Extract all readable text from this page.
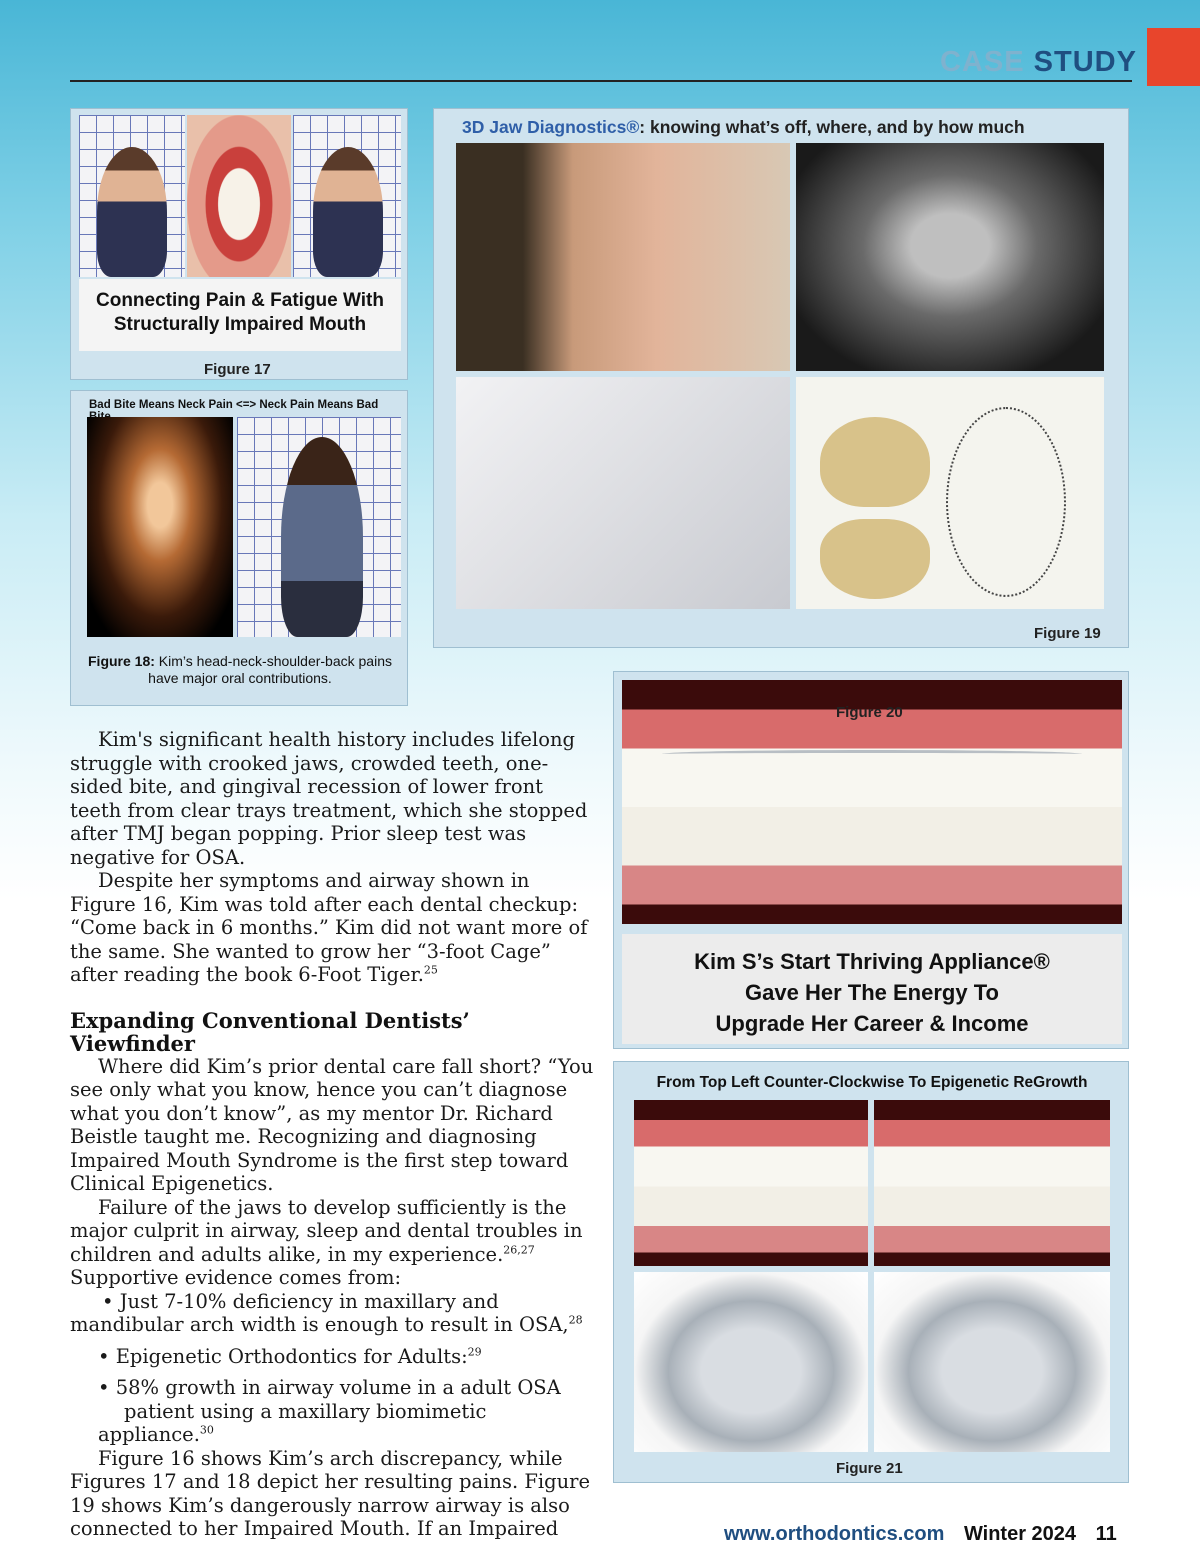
CASE STUDY
Connecting Pain & Fatigue With
Structurally Impaired Mouth
Figure 17
Bad Bite Means Neck Pain <=> Neck Pain Means Bad
Figure 18: Kim’s head-neck-shoulder-back pains
have major oral contributions.
3D Jaw Diagnostics®: knowing what’s off, where, and by how much
Figure 19
Figure 20
Kim S’s Start Thriving Appliance®
Gave Her The Energy To
Upgrade Her Career & Income
From Top Left Counter-Clockwise To Epigenetic ReGrowth
Figure 21

Kim's significant health history includes lifelong struggle with crooked jaws, crowded teeth, one-sided bite, and gingival recession of lower front teeth from clear trays treatment, which she stopped after TMJ began popping. Prior sleep test was negative for OSA.

Despite her symptoms and airway shown in Figure 16, Kim was told after each dental checkup: “Come back in 6 months.” Kim did not want more of the same. She wanted to grow her “3-foot Cage” after reading the book 6-Foot Tiger.$^{25}$

Expanding Conventional Dentists’
Viewfinder

Where did Kim’s prior dental care fall short? “You see only what you know, hence you can’t diagnose what you don’t know”, as my mentor Dr. Richard Beistle taught me. Recognizing and diagnosing Impaired Mouth Syndrome is the first step toward Clinical Epigenetics.

Failure of the jaws to develop sufficiently is the major culprit in airway, sleep and dental troubles in children and adults alike, in my experience.$^{26,27}$ Supportive evidence comes from:

• Just 7-10% deficiency in maxillary and mandibular arch width is enough to result in OSA,$^{28}$

• Epigenetic Orthodontics for Adults:$^{29}$

• 58% growth in airway volume in a adult OSA
patient using a maxillary biomimetic appliance.$^{30}$

Figure 16 shows Kim’s arch discrepancy, while Figures 17 and 18 depict her resulting pains. Figure 19 shows Kim’s dangerously narrow airway is also connected to her Impaired Mouth. If an Impaired	www.orthodontics.com Winter 2024 11
